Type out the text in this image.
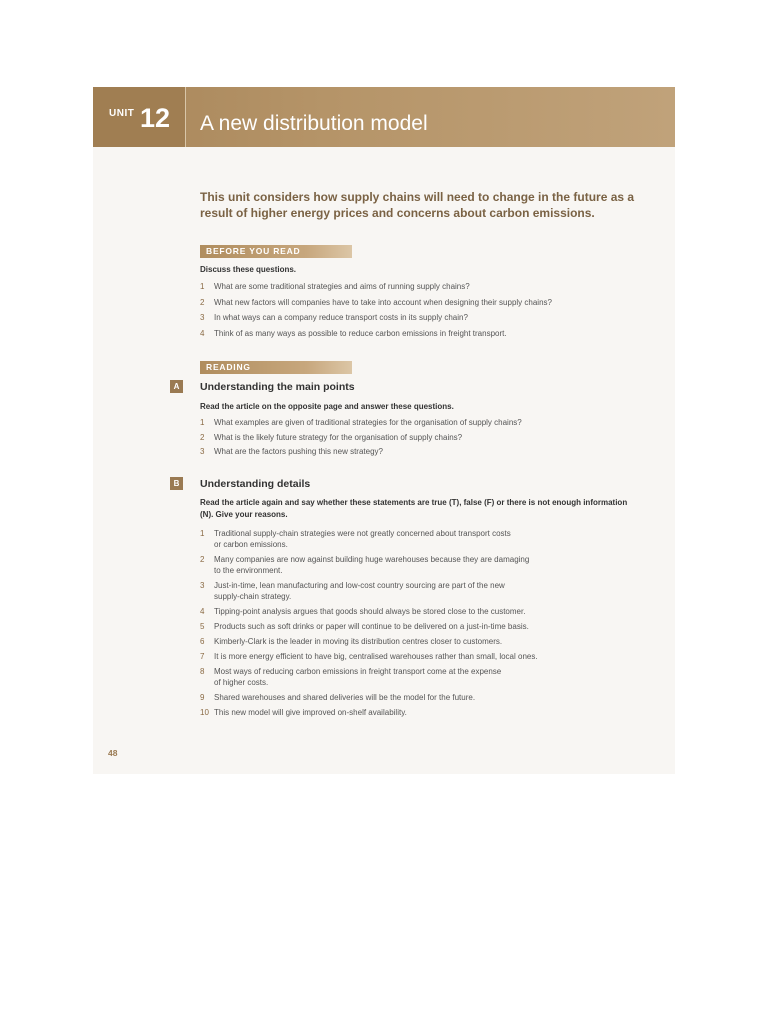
UNIT 12 A new distribution model
This unit considers how supply chains will need to change in the future as a result of higher energy prices and concerns about carbon emissions.
BEFORE YOU READ
Discuss these questions.
1 What are some traditional strategies and aims of running supply chains?
2 What new factors will companies have to take into account when designing their supply chains?
3 In what ways can a company reduce transport costs in its supply chain?
4 Think of as many ways as possible to reduce carbon emissions in freight transport.
READING
A	Understanding the main points
Read the article on the opposite page and answer these questions.
1 What examples are given of traditional strategies for the organisation of supply chains?
2 What is the likely future strategy for the organisation of supply chains?
3 What are the factors pushing this new strategy?
B	Understanding details
Read the article again and say whether these statements are true (T), false (F) or there is not enough information (N). Give your reasons.
1 Traditional supply-chain strategies were not greatly concerned about transport costs
or carbon emissions.
2 Many companies are now against building huge warehouses because they are damaging
to the environment.
3 Just-in-time, lean manufacturing and low-cost country sourcing are part of the new
supply-chain strategy.
4 Tipping-point analysis argues that goods should always be stored close to the customer.
5 Products such as soft drinks or paper will continue to be delivered on a just-in-time basis.
6 Kimberly-Clark is the leader in moving its distribution centres closer to customers.
7 It is more energy efficient to have big, centralised warehouses rather than small, local ones.
8 Most ways of reducing carbon emissions in freight transport come at the expense
of higher costs.
9 Shared warehouses and shared deliveries will be the model for the future.
10 This new model will give improved on-shelf availability.
48
